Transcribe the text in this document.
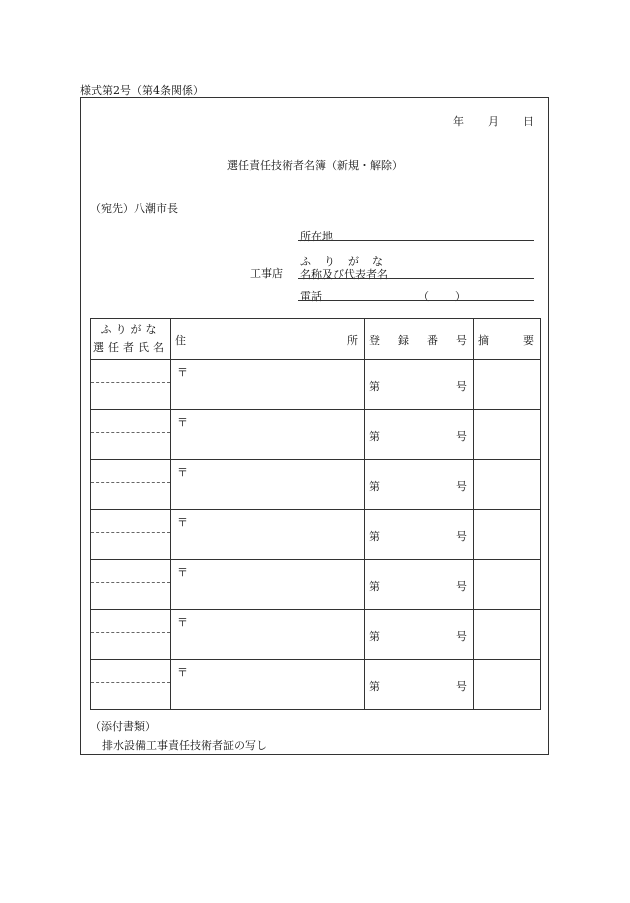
様式第2号（第4条関係）
年 月 日
選任責任技術者名簿（新規・解除）
（宛先）八潮市長
工事店
所在地
ふ　り　が　な
名称及び代表者名
電話	（ ）
ふりがな
選任者氏名	住 所	登 録 番 号	摘 要

	〒	第 号	

	〒	第 号	

	〒	第 号	

	〒	第 号	

	〒	第 号	

	〒	第 号	

	〒	第 号	

（添付書類）
排水設備工事責任技術者証の写し
